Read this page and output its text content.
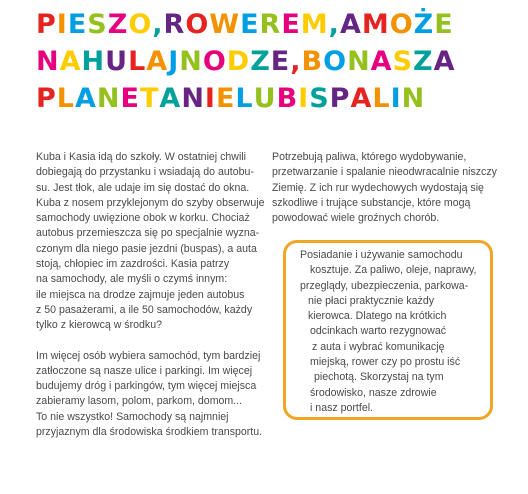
PIESZO,ROWEREM,AMOŻE
NAHULAJNODZE,BONASZA
PLANETANIELUBISPALIN
Kuba i Kasia idą do szkoły. W ostatniej chwili
dobiegają do przystanku i wsiadają do autobu-
su. Jest tłok, ale udaje im się dostać do okna.
Kuba z nosem przyklejonym do szyby obserwuje
samochody uwięzione obok w korku. Chociaż
autobus przemieszcza się po specjalnie wyzna-
czonym dla niego pasie jezdni (buspas), a auta
stoją, chłopiec im zazdrości. Kasia patrzy
na samochody, ale myśli o czymś innym:
ile miejsca na drodze zajmuje jeden autobus
z 50 pasażerami, a ile 50 samochodów, każdy
tylko z kierowcą w środku?
Im więcej osób wybiera samochód, tym bardziej
zatłoczone są nasze ulice i parkingi. Im więcej
budujemy dróg i parkingów, tym więcej miejsca
zabieramy lasom, polom, parkom, domom...
To nie wszystko! Samochody są najmniej
przyjaznym dla środowiska środkiem transportu.
Potrzebują paliwa, którego wydobywanie,
przetwarzanie i spalanie nieodwracalnie niszczy
Ziemię. Z ich rur wydechowych wydostają się
szkodliwe i trujące substancje, które mogą
powodować wiele groźnych chorób.
Posiadanie i używanie samochodu
kosztuje. Za paliwo, oleje, naprawy,
przeglądy, ubezpieczenia, parkowa-
nie płaci praktycznie każdy
kierowca. Dlatego na krótkich
odcinkach warto rezygnować
z auta i wybrać komunikację
miejską, rower czy po prostu iść
piechotą. Skorzystaj na tym
środowisko, nasze zdrowie
i nasz portfel.
